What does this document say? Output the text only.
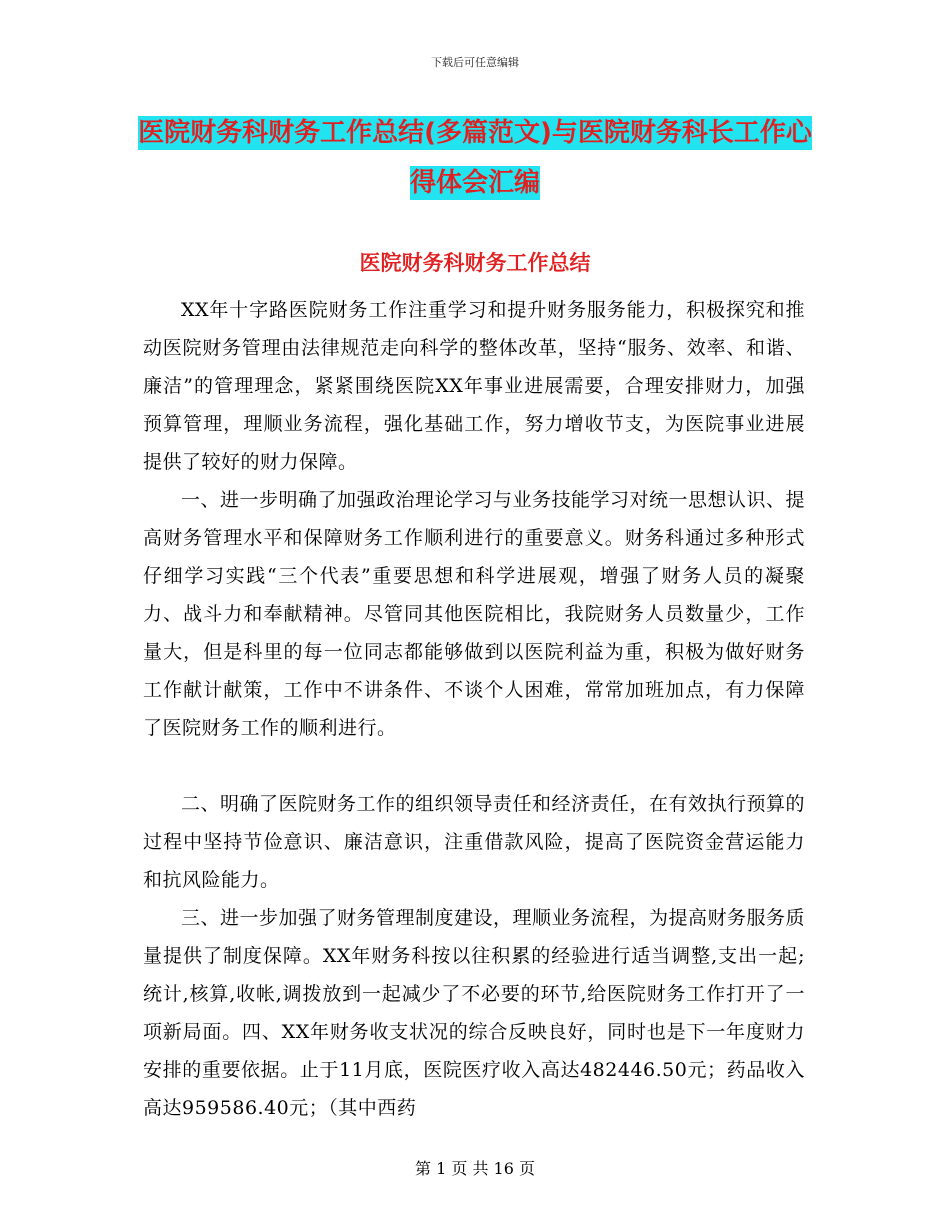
下载后可任意编辑
医院财务科财务工作总结(多篇范文)与医院财务科长工作心得体会汇编
医院财务科财务工作总结

XX年十字路医院财务工作注重学习和提升财务服务能力，积极探究和推动医院财务管理由法律规范走向科学的整体改革，坚持“服务、效率、和谐、廉洁”的管理理念，紧紧围绕医院XX年事业进展需要，合理安排财力，加强预算管理，理顺业务流程，强化基础工作，努力增收节支，为医院事业进展提供了较好的财力保障。

一、进一步明确了加强政治理论学习与业务技能学习对统一思想认识、提高财务管理水平和保障财务工作顺利进行的重要意义。财务科通过多种形式仔细学习实践“三个代表”重要思想和科学进展观，增强了财务人员的凝聚力、战斗力和奉献精神。尽管同其他医院相比，我院财务人员数量少，工作量大，但是科里的每一位同志都能够做到以医院利益为重，积极为做好财务工作献计献策，工作中不讲条件、不谈个人困难，常常加班加点，有力保障了医院财务工作的顺利进行。

二、明确了医院财务工作的组织领导责任和经济责任，在有效执行预算的过程中坚持节俭意识、廉洁意识，注重借款风险，提高了医院资金营运能力和抗风险能力。

三、进一步加强了财务管理制度建设，理顺业务流程，为提高财务服务质量提供了制度保障。XX年财务科按以往积累的经验进行适当调整,支出一起;统计,核算,收帐,调拨放到一起减少了不必要的环节,给医院财务工作打开了一项新局面。四、XX年财务收支状况的综合反映良好，同时也是下一年度财力安排的重要依据。止于11月底，医院医疗收入高达482446.50元；药品收入高达959586.40元；（其中西药

第 1 页 共 16 页
